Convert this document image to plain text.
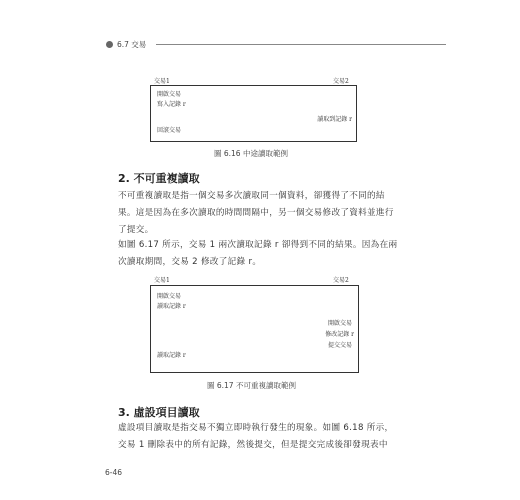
6.7 交易
交易1	交易2
開啟交易
寫入記錄 r
讀取到記錄 r
回滾交易
圖 6.16 中途讀取範例
2. 不可重複讀取
不可重複讀取是指一個交易多次讀取同一個資料，卻獲得了不同的結果。這是因為在多次讀取的時間間隔中，另一個交易修改了資料並進行了提交。
如圖 6.17 所示，交易 1 兩次讀取記錄 r 卻得到不同的結果。因為在兩次讀取期間，交易 2 修改了記錄 r。
交易1	交易2
開啟交易
讀取記錄 r
開啟交易
修改記錄 r
提交交易
讀取記錄 r
圖 6.17 不可重複讀取範例
3. 虛設項目讀取
虛設項目讀取是指交易不獨立即時執行發生的現象。如圖 6.18 所示，交易 1 刪除表中的所有記錄，然後提交，但是提交完成後卻發現表中
6-46
